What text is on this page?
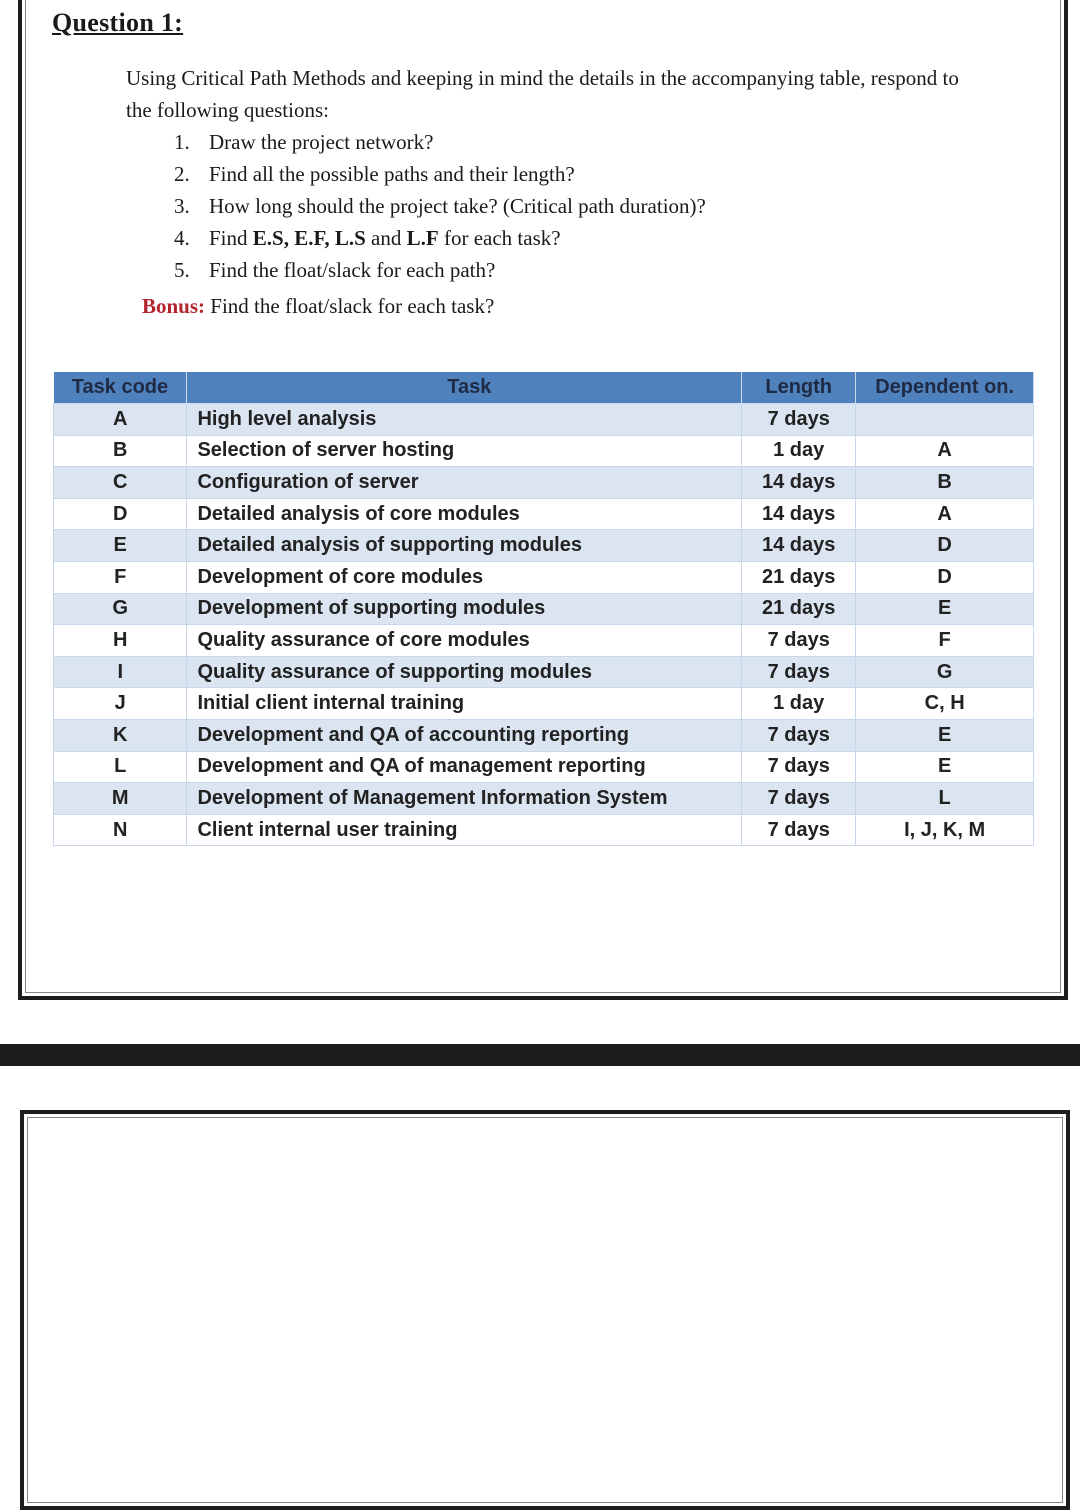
Question 1:
Using Critical Path Methods and keeping in mind the details in the accompanying table, respond to the following questions:
1. Draw the project network?
2. Find all the possible paths and their length?
3. How long should the project take? (Critical path duration)?
4. Find E.S, E.F, L.S and L.F for each task?
5. Find the float/slack for each path?
Bonus: Find the float/slack for each task?
Task code	Task	Length	Dependent on.
A	High level analysis	7 days	
B	Selection of server hosting	1 day	A
C	Configuration of server	14 days	B
D	Detailed analysis of core modules	14 days	A
E	Detailed analysis of supporting modules	14 days	D
F	Development of core modules	21 days	D
G	Development of supporting modules	21 days	E
H	Quality assurance of core modules	7 days	F
I	Quality assurance of supporting modules	7 days	G
J	Initial client internal training	1 day	C, H
K	Development and QA of accounting reporting	7 days	E
L	Development and QA of management reporting	7 days	E
M	Development of Management Information System	7 days	L
N	Client internal user training	7 days	I, J, K, M
